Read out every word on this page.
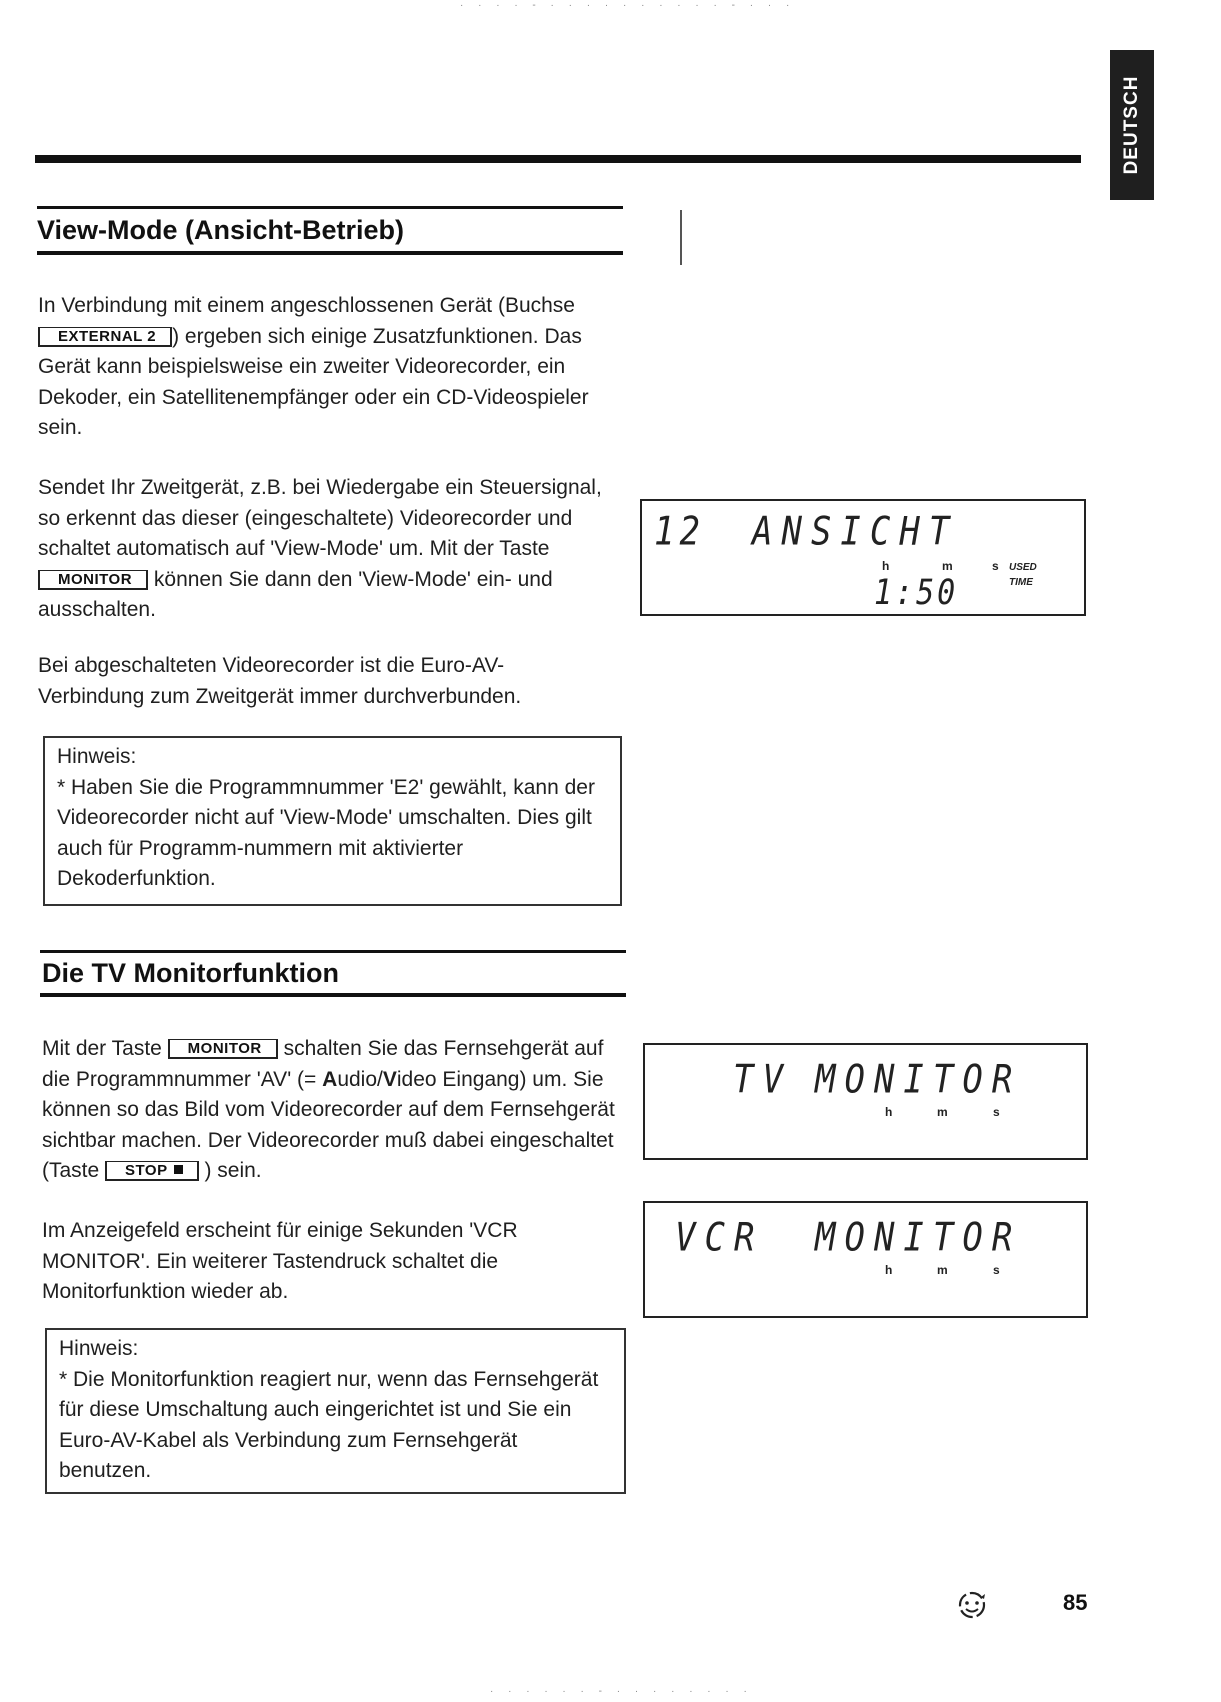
· · · · - · · · · · · · · · · - · · ·
· · · · · · - · · · · · · · ·
DEUTSCH
View-Mode (Ansicht-Betrieb)
In Verbindung mit einem angeschlossenen Gerät (Buchse EXTERNAL 2 ) ergeben sich einige Zusatzfunktionen. Das Gerät kann beispielsweise ein zweiter Videorecorder, ein Dekoder, ein Satellitenempfänger oder ein CD-Videospieler sein.
Sendet Ihr Zweitgerät, z.B. bei Wiedergabe ein Steuersignal, so erkennt das dieser (eingeschaltete) Videorecorder und schaltet automatisch auf 'View-Mode' um. Mit der Taste MONITOR können Sie dann den 'View-Mode' ein- und ausschalten.
Bei abgeschalteten Videorecorder ist die Euro-AV-Verbindung zum Zweitgerät immer durchverbunden.
Hinweis:
* Haben Sie die Programmnummer 'E2' gewählt, kann der Videorecorder nicht auf 'View-Mode' umschalten. Dies gilt auch für Programm-nummern mit aktivierter Dekoderfunktion.
12 ANSICHT
h	m	s
1:50
USED
TIME
Die TV Monitorfunktion
Mit der Taste MONITOR schalten Sie das Fernsehgerät auf die Programmnummer 'AV' (= Audio/Video Eingang) um. Sie können so das Bild vom Videorecorder auf dem Fernsehgerät sichtbar machen. Der Videorecorder muß dabei eingeschaltet (Taste STOP ) sein.
Im Anzeigefeld erscheint für einige Sekunden 'VCR MONITOR'. Ein weiterer Tastendruck schaltet die Monitorfunktion wieder ab.
Hinweis:
* Die Monitorfunktion reagiert nur, wenn das Fernsehgerät für diese Umschaltung auch eingerichtet ist und Sie ein Euro-AV-Kabel als Verbindung zum Fernsehgerät benutzen.
TV MONITOR
h	m	s
VCR MONITOR
h	m	s
85
